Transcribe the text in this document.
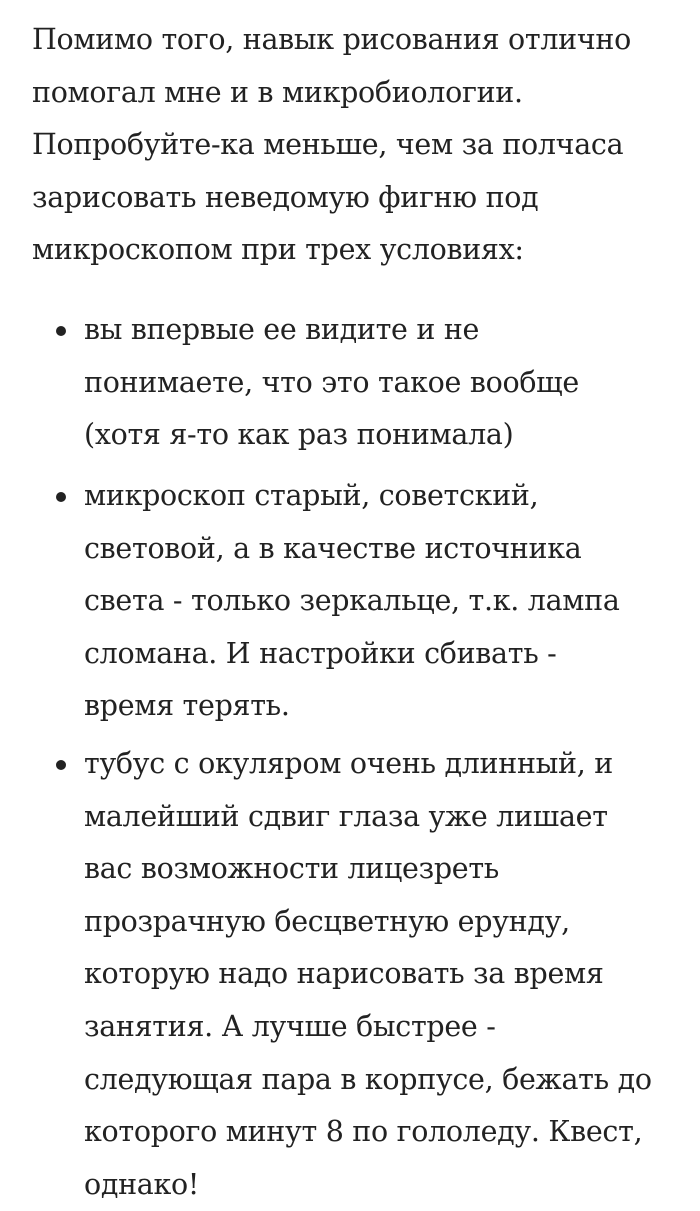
Помимо того, навык рисования отлично
помогал мне и в микробиологии.
Попробуйте-ка меньше, чем за полчаса
зарисовать неведомую фигню под
микроскопом при трех условиях:

вы впервые ее видите и не
понимаете, что это такое вообще
(хотя я-то как раз понимала)
микроскоп старый, советский,
световой, а в качестве источника
света - только зеркальце, т.к. лампа
сломана. И настройки сбивать -
время терять.
тубус с окуляром очень длинный, и
малейший сдвиг глаза уже лишает
вас возможности лицезреть
прозрачную бесцветную ерунду,
которую надо нарисовать за время
занятия. А лучше быстрее -
следующая пара в корпусе, бежать до
которого минут 8 по гололеду. Квест,
однако!
